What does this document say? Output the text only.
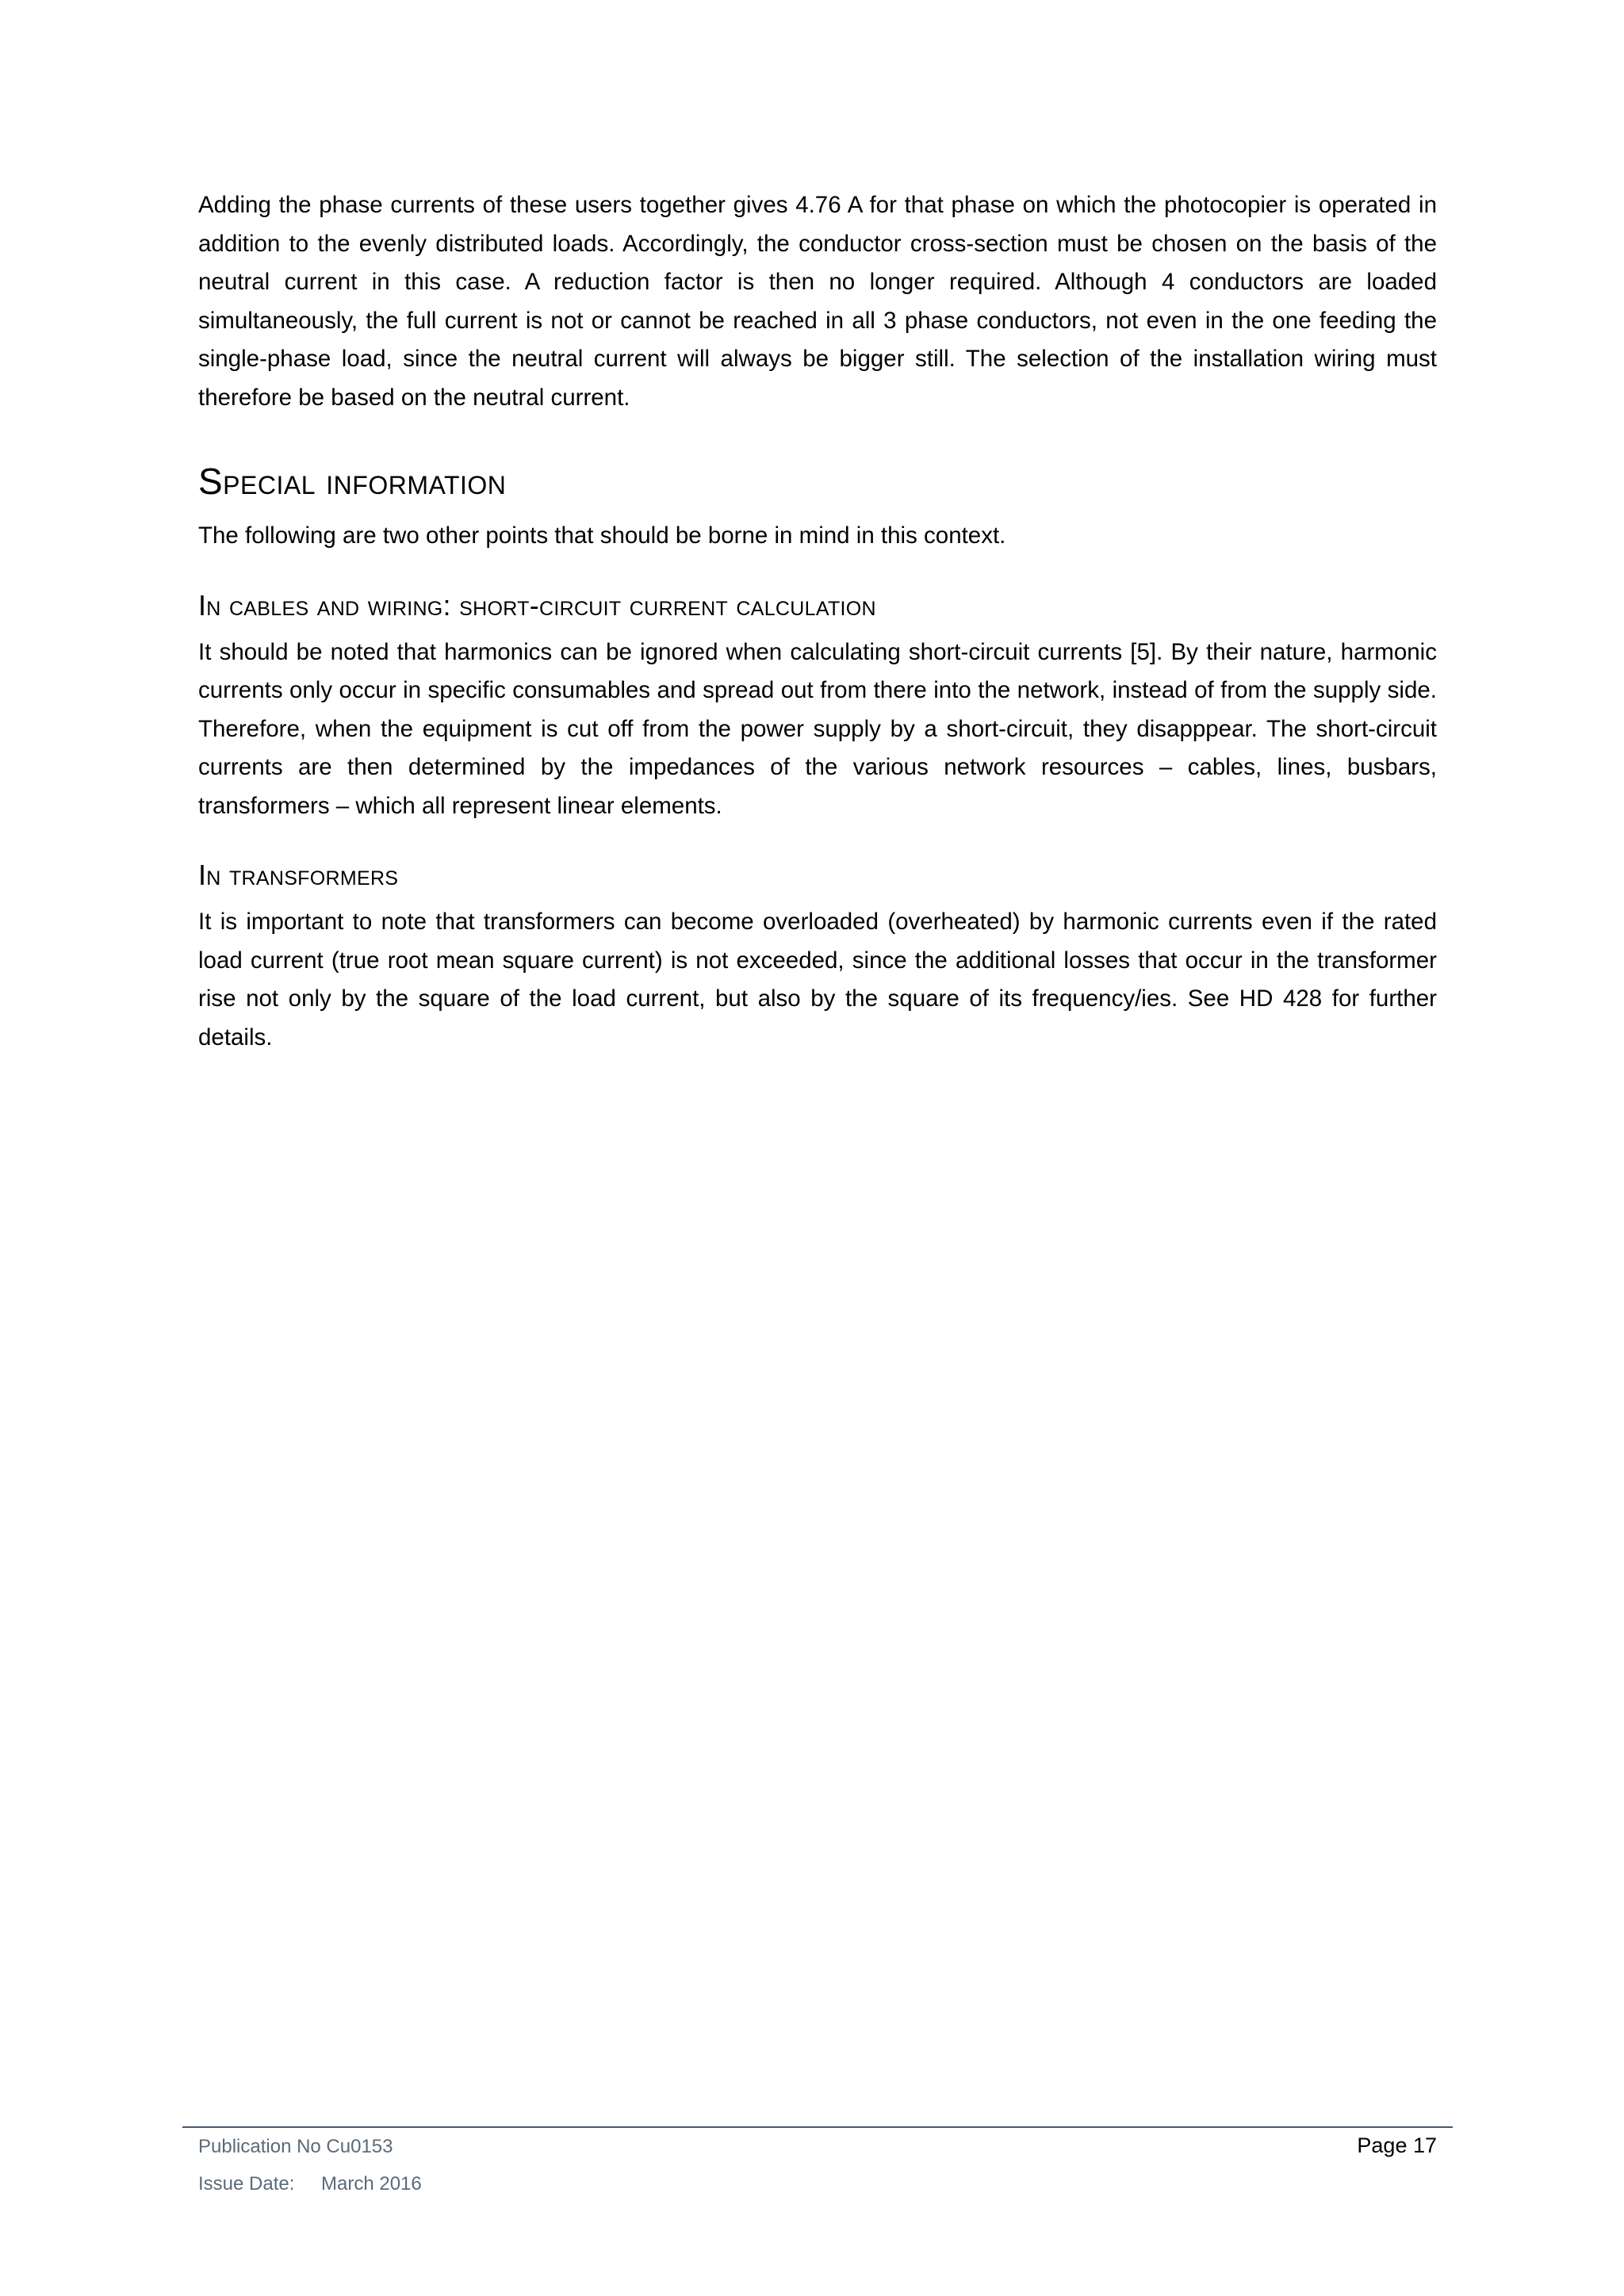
Adding the phase currents of these users together gives 4.76 A for that phase on which the photocopier is operated in addition to the evenly distributed loads. Accordingly, the conductor cross-section must be chosen on the basis of the neutral current in this case. A reduction factor is then no longer required. Although 4 conductors are loaded simultaneously, the full current is not or cannot be reached in all 3 phase conductors, not even in the one feeding the single-phase load, since the neutral current will always be bigger still. The selection of the installation wiring must therefore be based on the neutral current.

Special information

The following are two other points that should be borne in mind in this context.

In cables and wiring: short-circuit current calculation

It should be noted that harmonics can be ignored when calculating short-circuit currents [5]. By their nature, harmonic currents only occur in specific consumables and spread out from there into the network, instead of from the supply side. Therefore, when the equipment is cut off from the power supply by a short-circuit, they disapppear. The short-circuit currents are then determined by the impedances of the various network resources – cables, lines, busbars, transformers – which all represent linear elements.

In transformers

It is important to note that transformers can become overloaded (overheated) by harmonic currents even if the rated load current (true root mean square current) is not exceeded, since the additional losses that occur in the transformer rise not only by the square of the load current, but also by the square of its frequency/ies. See HD 428 for further details.

Publication No Cu0153
Issue Date: March 2016
Page 17
